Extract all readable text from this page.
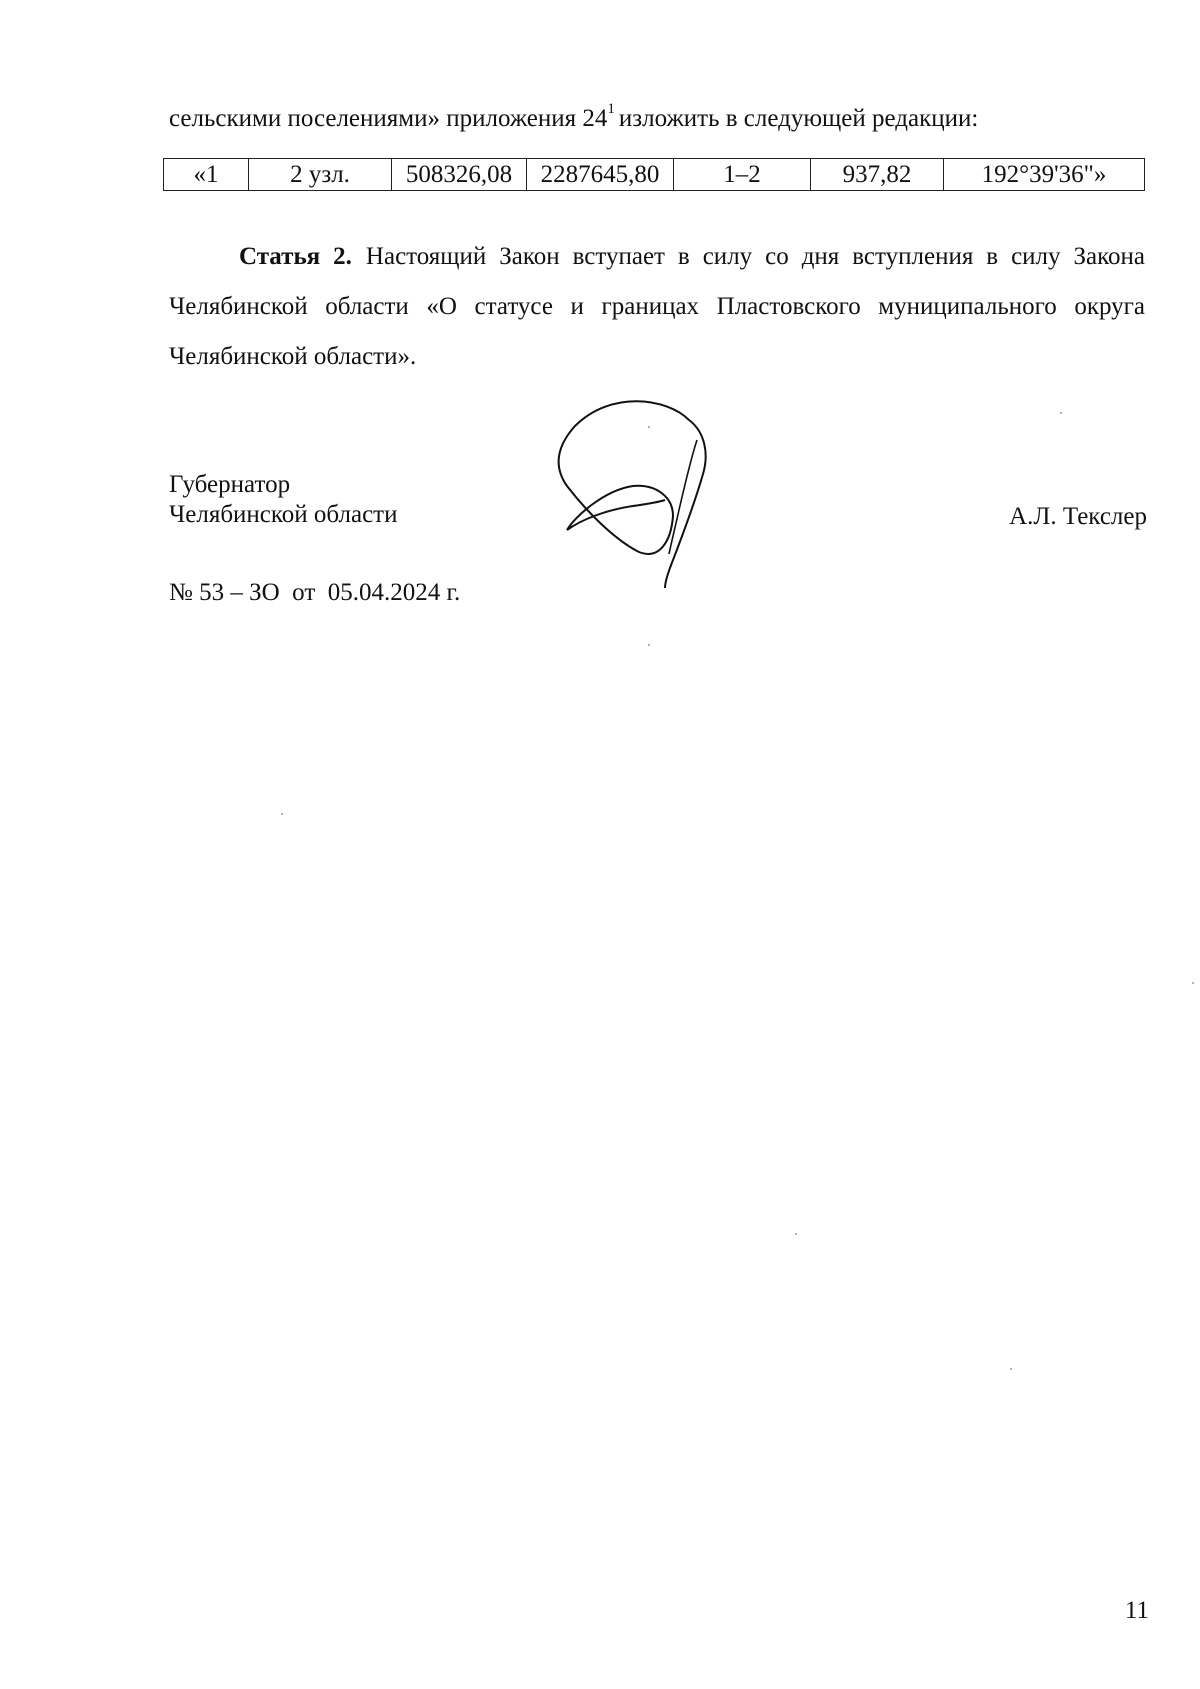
сельскими поселениями» приложения $24^1$ изложить в следующей редакции:
«1	2 узл.	508326,08	2287645,80	1–2	937,82	192°39'36"»
Статья 2. Настоящий Закон вступает в силу со дня вступления в силу Закона Челябинской области «О статусе и границах Пластовского муниципального округа Челябинской области».
Губернатор
Челябинской области	А.Л. Текслер
№ 53 – ЗО  от  05.04.2024 г.
11
